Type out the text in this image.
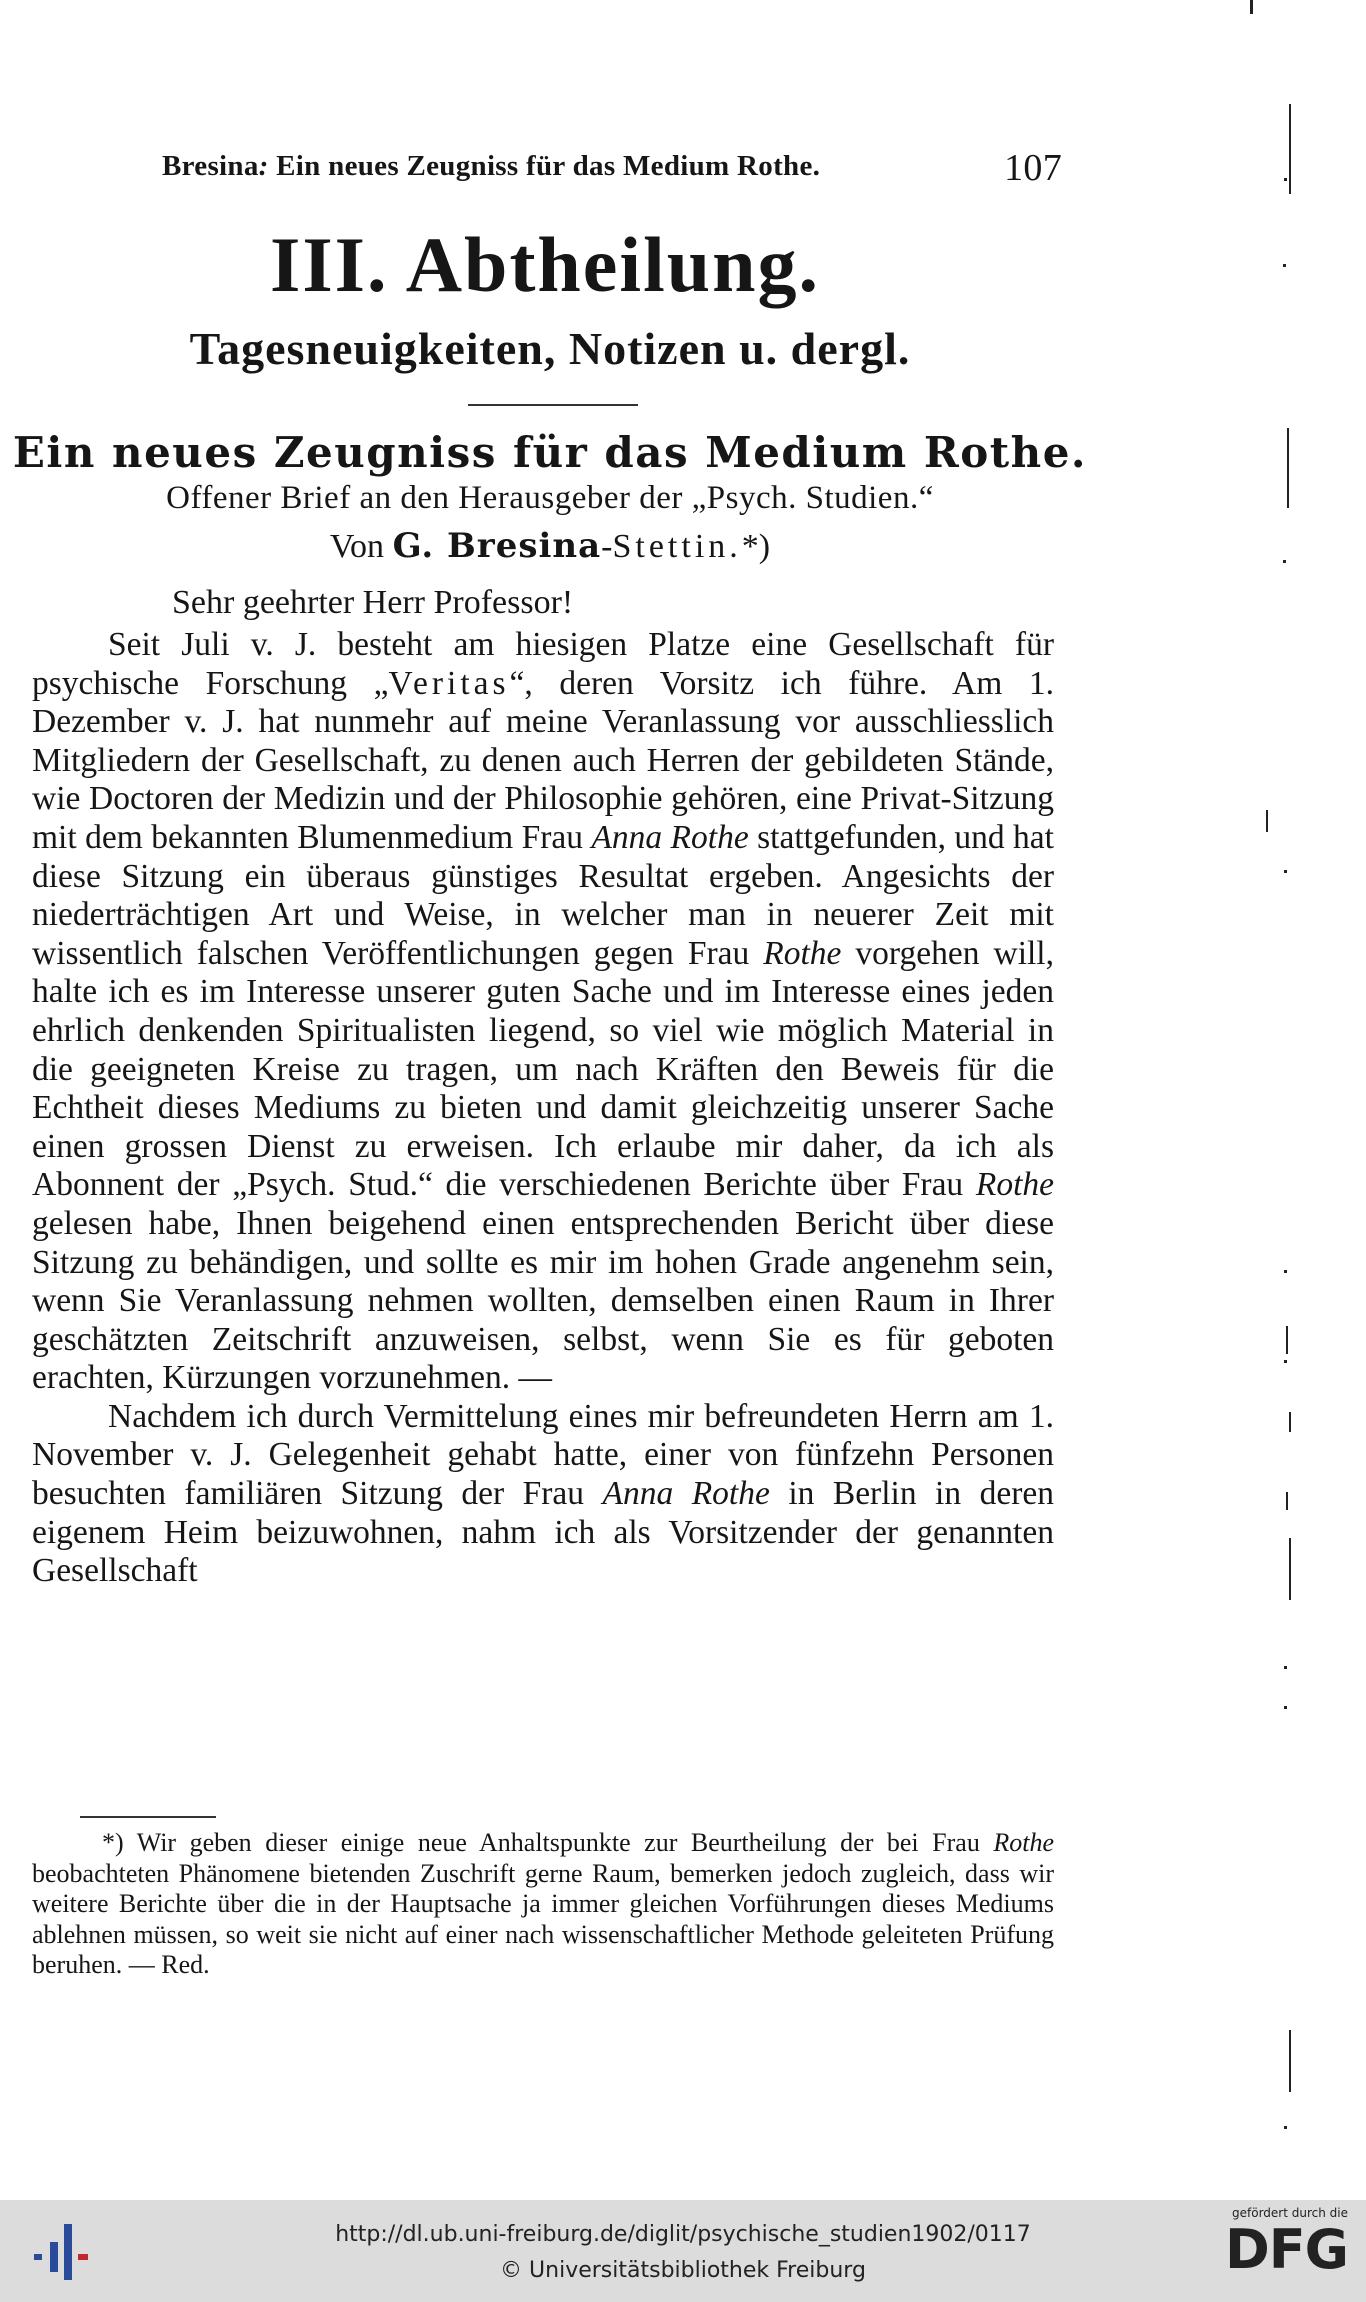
Bresina: Ein neues Zeugniss für das Medium Rothe.	107
III. Abtheilung.
Tagesneuigkeiten, Notizen u. dergl.
Ein neues Zeugniss für das Medium Rothe.
Offener Brief an den Herausgeber der „Psych. Studien.“
Von G. Bresina-Stettin.*)
Sehr geehrter Herr Professor!

Seit Juli v. J. besteht am hiesigen Platze eine Gesellschaft für psychische Forschung „Veritas“, deren Vorsitz ich führe. Am 1. Dezember v. J. hat nunmehr auf meine Veranlassung vor ausschliesslich Mitgliedern der Gesellschaft, zu denen auch Herren der gebildeten Stände, wie Doctoren der Medizin und der Philosophie gehören, eine Privat-Sitzung mit dem bekannten Blumenmedium Frau Anna Rothe stattgefunden, und hat diese Sitzung ein überaus günstiges Resultat ergeben. Angesichts der niederträchtigen Art und Weise, in welcher man in neuerer Zeit mit wissentlich falschen Veröffentlichungen gegen Frau Rothe vorgehen will, halte ich es im Interesse unserer guten Sache und im Interesse eines jeden ehrlich denkenden Spiritualisten liegend, so viel wie möglich Material in die geeigneten Kreise zu tragen, um nach Kräften den Beweis für die Echtheit dieses Mediums zu bieten und damit gleichzeitig unserer Sache einen grossen Dienst zu erweisen. Ich erlaube mir daher, da ich als Abonnent der „Psych. Stud.“ die verschiedenen Berichte über Frau Rothe gelesen habe, Ihnen beigehend einen entsprechenden Bericht über diese Sitzung zu behändigen, und sollte es mir im hohen Grade angenehm sein, wenn Sie Veranlassung nehmen wollten, demselben einen Raum in Ihrer geschätzten Zeitschrift anzuweisen, selbst, wenn Sie es für geboten erachten, Kürzungen vorzunehmen. —

Nachdem ich durch Vermittelung eines mir befreundeten Herrn am 1. November v. J. Gelegenheit gehabt hatte, einer von fünfzehn Personen besuchten familiären Sitzung der Frau Anna Rothe in Berlin in deren eigenem Heim beizuwohnen, nahm ich als Vorsitzender der genannten Gesellschaft

*) Wir geben dieser einige neue Anhaltspunkte zur Beurtheilung der bei Frau Rothe beobachteten Phänomene bietenden Zuschrift gerne Raum, bemerken jedoch zugleich, dass wir weitere Berichte über die in der Hauptsache ja immer gleichen Vorführungen dieses Mediums ablehnen müssen, so weit sie nicht auf einer nach wissenschaftlicher Methode geleiteten Prüfung beruhen. — Red.

http://dl.ub.uni-freiburg.de/diglit/psychische_studien1902/0117
© Universitätsbibliothek Freiburg
gefördert durch die
DFG
